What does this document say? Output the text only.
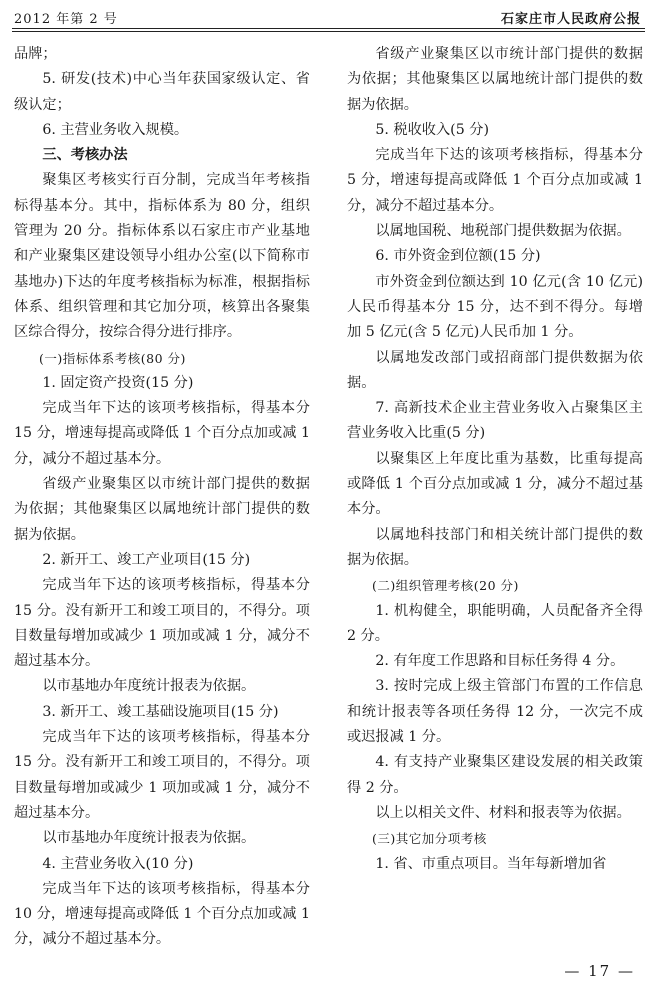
2012 年第 2 号	石家庄市人民政府公报

品牌；

5. 研发(技术)中心当年获国家级认定、省级认定；

6. 主营业务收入规模。

三、考核办法

聚集区考核实行百分制，完成当年考核指标得基本分。其中，指标体系为 80 分，组织管理为 20 分。指标体系以石家庄市产业基地和产业聚集区建设领导小组办公室(以下简称市基地办)下达的年度考核指标为标准，根据指标体系、组织管理和其它加分项，核算出各聚集区综合得分，按综合得分进行排序。

(一)指标体系考核(80 分)

1. 固定资产投资(15 分)

完成当年下达的该项考核指标，得基本分 15 分，增速每提高或降低 1 个百分点加或减 1 分，减分不超过基本分。

省级产业聚集区以市统计部门提供的数据为依据；其他聚集区以属地统计部门提供的数据为依据。

2. 新开工、竣工产业项目(15 分)

完成当年下达的该项考核指标，得基本分 15 分。没有新开工和竣工项目的，不得分。项目数量每增加或减少 1 项加或减 1 分，减分不超过基本分。

以市基地办年度统计报表为依据。

3. 新开工、竣工基础设施项目(15 分)

完成当年下达的该项考核指标，得基本分 15 分。没有新开工和竣工项目的，不得分。项目数量每增加或减少 1 项加或减 1 分，减分不超过基本分。

以市基地办年度统计报表为依据。

4. 主营业务收入(10 分)

完成当年下达的该项考核指标，得基本分 10 分，增速每提高或降低 1 个百分点加或减 1 分，减分不超过基本分。

省级产业聚集区以市统计部门提供的数据为依据；其他聚集区以属地统计部门提供的数据为依据。

5. 税收收入(5 分)

完成当年下达的该项考核指标，得基本分 5 分，增速每提高或降低 1 个百分点加或减 1 分，减分不超过基本分。

以属地国税、地税部门提供数据为依据。

6. 市外资金到位额(15 分)

市外资金到位额达到 10 亿元(含 10 亿元)人民币得基本分 15 分，达不到不得分。每增加 5 亿元(含 5 亿元)人民币加 1 分。

以属地发改部门或招商部门提供数据为依据。

7. 高新技术企业主营业务收入占聚集区主营业务收入比重(5 分)

以聚集区上年度比重为基数，比重每提高或降低 1 个百分点加或减 1 分，减分不超过基本分。

以属地科技部门和相关统计部门提供的数据为依据。

(二)组织管理考核(20 分)

1. 机构健全，职能明确，人员配备齐全得 2 分。

2. 有年度工作思路和目标任务得 4 分。

3. 按时完成上级主管部门布置的工作信息和统计报表等各项任务得 12 分，一次完不成或迟报减 1 分。

4. 有支持产业聚集区建设发展的相关政策得 2 分。

以上以相关文件、材料和报表等为依据。

(三)其它加分项考核

1. 省、市重点项目。当年每新增加省

— 17 —
